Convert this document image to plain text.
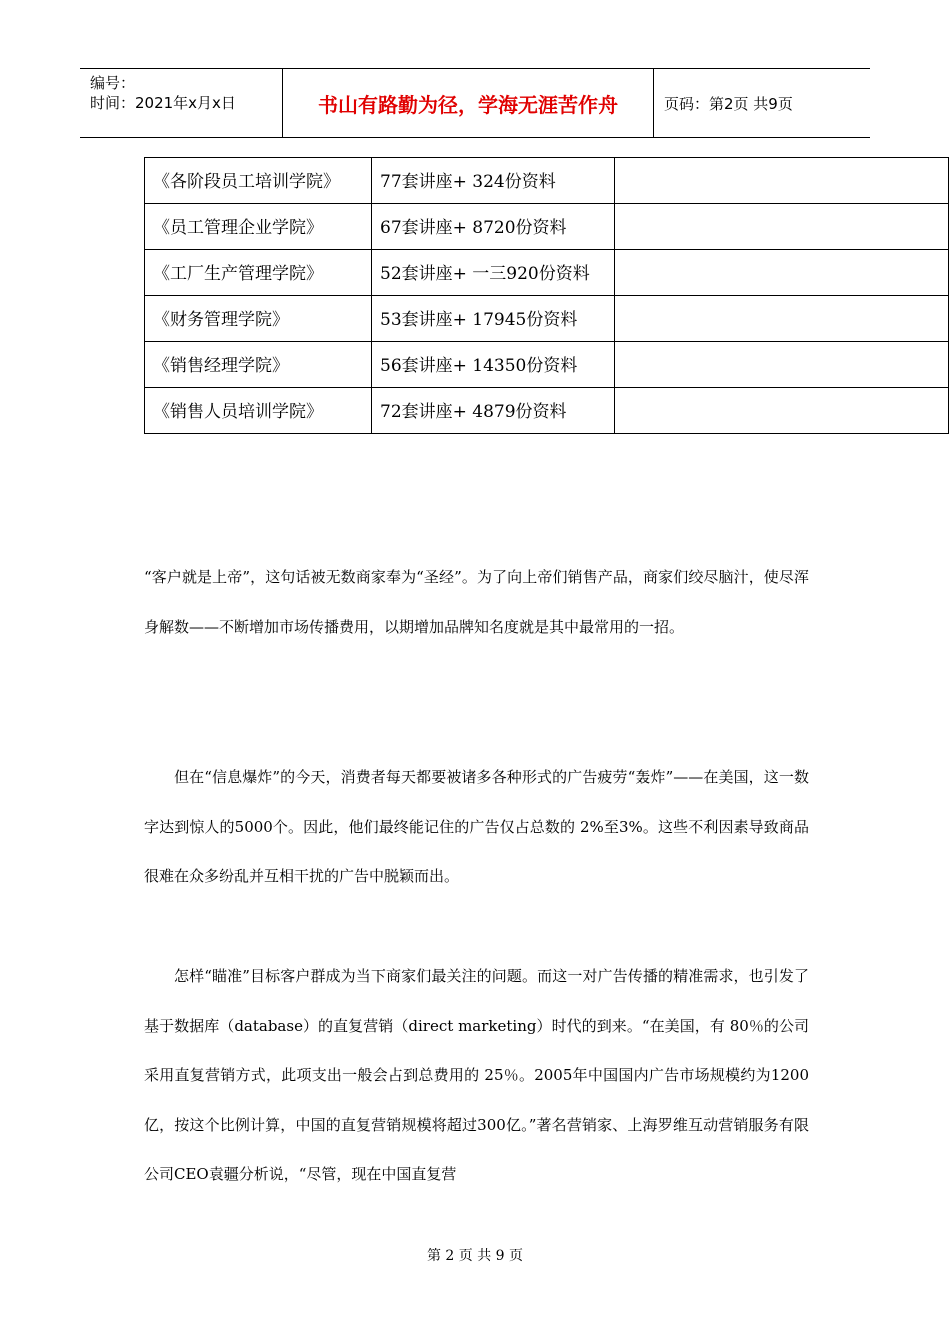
编号：
时间：2021年x月x日	书山有路勤为径，学海无涯苦作舟	页码：第2页 共9页
《各阶段员工培训学院》	77套讲座+ 324份资料	
《员工管理企业学院》	67套讲座+ 8720份资料	
《工厂生产管理学院》	52套讲座+ 一三920份资料	
《财务管理学院》	53套讲座+ 17945份资料	
《销售经理学院》	56套讲座+ 14350份资料	
《销售人员培训学院》	72套讲座+ 4879份资料	

“客户就是上帝”，这句话被无数商家奉为“圣经”。为了向上帝们销售产品，商家们绞尽脑汁，使尽浑身解数——不断增加市场传播费用，以期增加品牌知名度就是其中最常用的一招。

但在“信息爆炸”的今天，消费者每天都要被诸多各种形式的广告疲劳“轰炸”——在美国，这一数字达到惊人的5000个。因此，他们最终能记住的广告仅占总数的 2%至3%。这些不利因素导致商品很难在众多纷乱并互相干扰的广告中脱颖而出。

怎样“瞄准”目标客户群成为当下商家们最关注的问题。而这一对广告传播的精准需求，也引发了基于数据库（database）的直复营销（direct marketing）时代的到来。“在美国，有 80％的公司采用直复营销方式，此项支出一般会占到总费用的 25％。2005年中国国内广告市场规模约为1200亿，按这个比例计算，中国的直复营销规模将超过300亿。”著名营销家、上海罗维互动营销服务有限公司CEO袁疆分析说，“尽管，现在中国直复营

第 2 页 共 9 页
